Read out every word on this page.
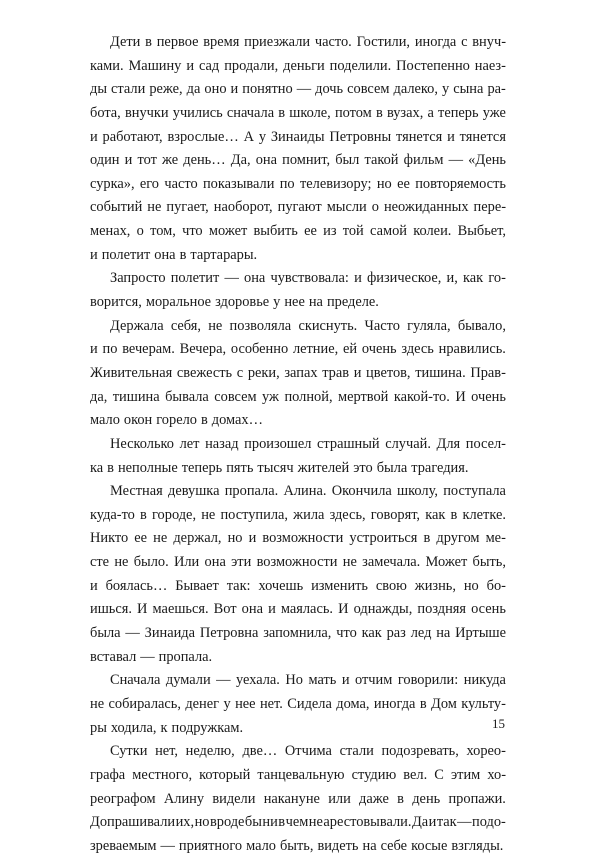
Дети в первое время приезжали часто. Гостили, иногда с внуч-
ками. Машину и сад продали, деньги поделили. Постепенно наез-
ды стали реже, да оно и понятно — дочь совсем далеко, у сына ра-
бота, внучки учились сначала в школе, потом в вузах, а теперь уже
и работают, взрослые… А у Зинаиды Петровны тянется и тянется
один и тот же день… Да, она помнит, был такой фильм — «День
сурка», его часто показывали по телевизору; но ее повторяемость
событий не пугает, наоборот, пугают мысли о неожиданных пере-
менах, о том, что может выбить ее из той самой колеи. Выбьет,
и полетит она в тартарары.
Запросто полетит — она чувствовала: и физическое, и, как го-
ворится, моральное здоровье у нее на пределе.
Держала себя, не позволяла скиснуть. Часто гуляла, бывало,
и по вечерам. Вечера, особенно летние, ей очень здесь нравились.
Живительная свежесть с реки, запах трав и цветов, тишина. Прав-
да, тишина бывала совсем уж полной, мертвой какой-то. И очень
мало окон горело в домах…
Несколько лет назад произошел страшный случай. Для посел-
ка в неполные теперь пять тысяч жителей это была трагедия.
Местная девушка пропала. Алина. Окончила школу, поступала
куда-то в городе, не поступила, жила здесь, говорят, как в клетке.
Никто ее не держал, но и возможности устроиться в другом ме-
сте не было. Или она эти возможности не замечала. Может быть,
и боялась… Бывает так: хочешь изменить свою жизнь, но бо-
ишься. И маешься. Вот она и маялась. И однажды, поздняя осень
была — Зинаида Петровна запомнила, что как раз лед на Иртыше
вставал — пропала.
Сначала думали — уехала. Но мать и отчим говорили: никуда
не собиралась, денег у нее нет. Сидела дома, иногда в Дом культу-
ры ходила, к подружкам.
Сутки нет, неделю, две… Отчима стали подозревать, хорео-
графа местного, который танцевальную студию вел. С этим хо-
реографом Алину видели накануне или даже в день пропажи.
Допрашивали их, но вроде бы ни в чем не арестовывали. Да и так — подо-
зреваемым — приятного мало быть, видеть на себе косые взгляды.
15
